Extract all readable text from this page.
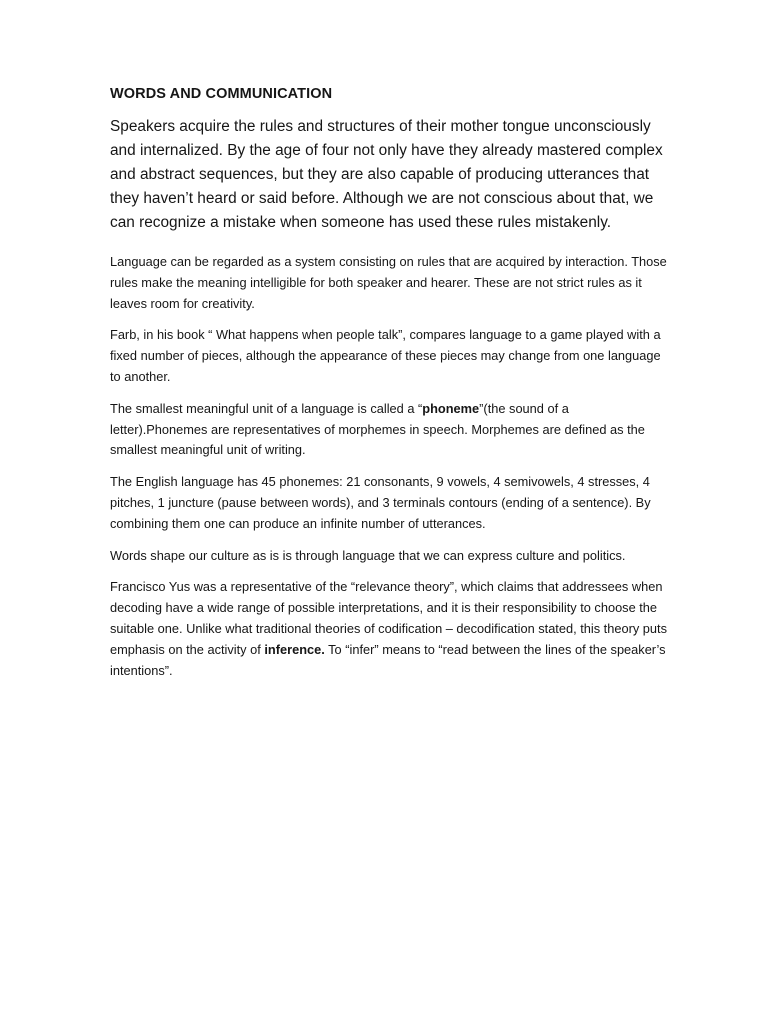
WORDS AND COMMUNICATION

Speakers acquire the rules and structures of their mother tongue unconsciously and internalized. By the age of four not only have they already mastered complex and abstract sequences, but they are also capable of producing utterances that they haven’t heard or said before. Although we are not conscious about that, we can recognize a mistake when someone has used these rules mistakenly.

Language can be regarded as a system consisting on rules that are acquired by interaction. Those rules make the meaning intelligible for both speaker and hearer. These are not strict rules as it leaves room for creativity.

Farb, in his book “ What happens when people talk”, compares language to a game played with a fixed number of pieces, although the appearance of these pieces may change from one language to another.

The smallest meaningful unit of a language is called a “phoneme”(the sound of a letter).Phonemes are representatives of morphemes in speech. Morphemes are defined as the smallest meaningful unit of writing.

The English language has 45 phonemes: 21 consonants, 9 vowels, 4 semivowels, 4 stresses, 4 pitches, 1 juncture (pause between words), and 3 terminals contours (ending of a sentence). By combining them one can produce an infinite number of utterances.

Words shape our culture as is is through language that we can express culture and politics.

Francisco Yus was a representative of the “relevance theory”, which claims that addressees when decoding have a wide range of possible interpretations, and it is their responsibility to choose the suitable one. Unlike what traditional theories of codification – decodification stated, this theory puts emphasis on the activity of inference. To “infer” means to “read between the lines of the speaker’s intentions”.
